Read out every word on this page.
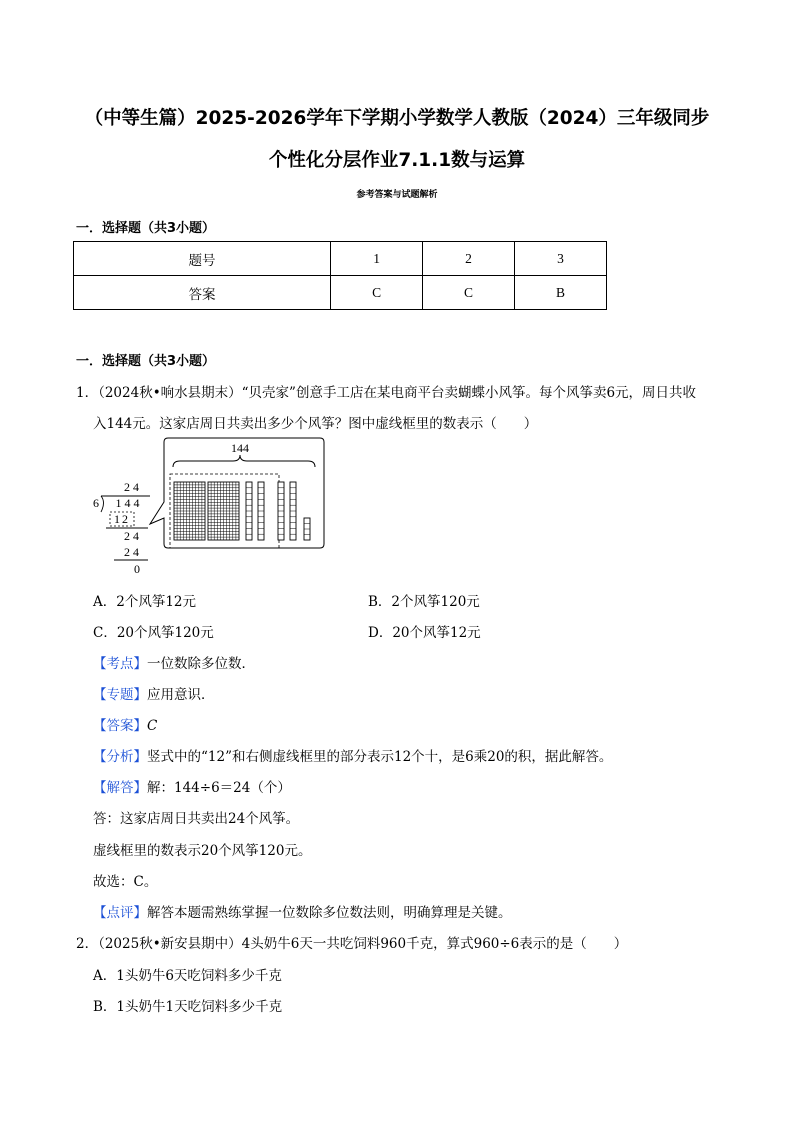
（中等生篇）2025-2026学年下学期小学数学人教版（2024）三年级同步
个性化分层作业7.1.1数与运算
参考答案与试题解析
一．选择题（共3小题）
题号	1	2	3
答案	C	C	B
一．选择题（共3小题）
1．（2024秋•响水县期末）“贝壳家”创意手工店在某电商平台卖蝴蝶小风筝。每个风筝卖6元，周日共收
入144元。这家店周日共卖出多少个风筝？图中虚线框里的数表示（　　）
144
24
6 144
12
24
24
0
A．2个风筝12元	B．2个风筝120元
C．20个风筝120元	D．20个风筝12元
【考点】一位数除多位数．
【专题】应用意识．
【答案】C
【分析】竖式中的“12”和右侧虚线框里的部分表示12个十，是6乘20的积，据此解答。
【解答】解：144÷6＝24（个）
答：这家店周日共卖出24个风筝。
虚线框里的数表示20个风筝120元。
故选：C。
【点评】解答本题需熟练掌握一位数除多位数法则，明确算理是关键。
2．（2025秋•新安县期中）4头奶牛6天一共吃饲料960千克，算式960÷6表示的是（　　）
A．1头奶牛6天吃饲料多少千克
B．1头奶牛1天吃饲料多少千克
